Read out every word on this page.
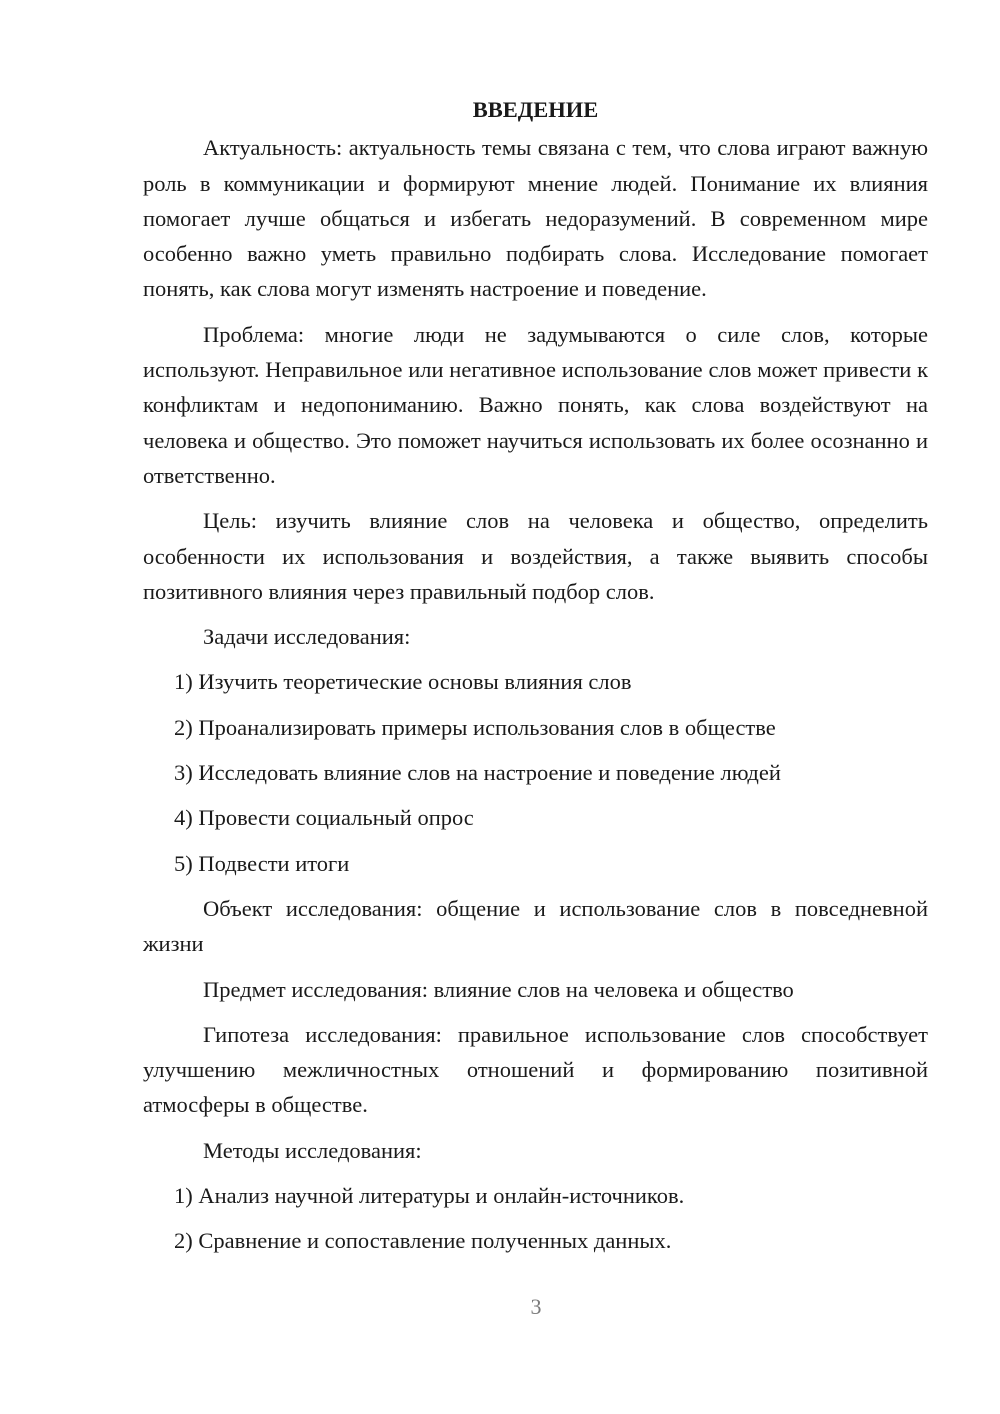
ВВЕДЕНИЕ

Актуальность: актуальность темы связана с тем, что слова играют важную роль в коммуникации и формируют мнение людей. Понимание их влияния помогает лучше общаться и избегать недоразумений. В современном мире особенно важно уметь правильно подбирать слова. Исследование помогает понять, как слова могут изменять настроение и поведение.

Проблема: многие люди не задумываются о силе слов, которые используют. Неправильное или негативное использование слов может привести к конфликтам и недопониманию. Важно понять, как слова воздействуют на человека и общество. Это поможет научиться использовать их более осознанно и ответственно.

Цель: изучить влияние слов на человека и общество, определить особенности их использования и воздействия, а также выявить способы позитивного влияния через правильный подбор слов.

Задачи исследования:

1) Изучить теоретические основы влияния слов

2) Проанализировать примеры использования слов в обществе

3) Исследовать влияние слов на настроение и поведение людей

4) Провести социальный опрос

5) Подвести итоги

Объект исследования: общение и использование слов в повседневной жизни

Предмет исследования: влияние слов на человека и общество

Гипотеза исследования: правильное использование слов способствует улучшению межличностных отношений и формированию позитивной атмосферы в обществе.

Методы исследования:

1) Анализ научной литературы и онлайн-источников.

2) Сравнение и сопоставление полученных данных.

3
